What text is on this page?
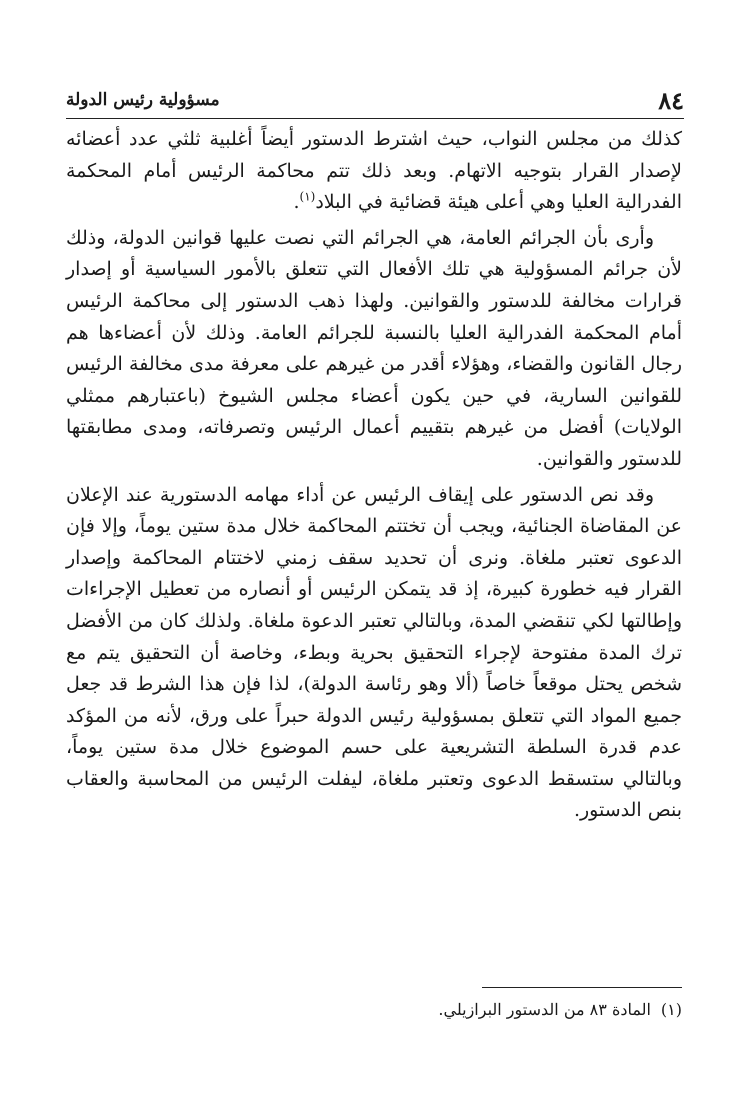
٨٤
مسؤولية رئيس الدولة

كذلك من مجلس النواب، حيث اشترط الدستور أيضاً أغلبية ثلثي عدد أعضائه لإصدار القرار بتوجيه الاتهام. وبعد ذلك تتم محاكمة الرئيس أمام المحكمة الفدرالية العليا وهي أعلى هيئة قضائية في البلاد$^{(١)}$.

وأرى بأن الجرائم العامة، هي الجرائم التي نصت عليها قوانين الدولة، وذلك لأن جرائم المسؤولية هي تلك الأفعال التي تتعلق بالأمور السياسية أو إصدار قرارات مخالفة للدستور والقوانين. ولهذا ذهب الدستور إلى محاكمة الرئيس أمام المحكمة الفدرالية العليا بالنسبة للجرائم العامة. وذلك لأن أعضاءها هم رجال القانون والقضاء، وهؤلاء أقدر من غيرهم على معرفة مدى مخالفة الرئيس للقوانين السارية، في حين يكون أعضاء مجلس الشيوخ (باعتبارهم ممثلي الولايات) أفضل من غيرهم بتقييم أعمال الرئيس وتصرفاته، ومدى مطابقتها للدستور والقوانين.

وقد نص الدستور على إيقاف الرئيس عن أداء مهامه الدستورية عند الإعلان عن المقاضاة الجنائية، ويجب أن تختتم المحاكمة خلال مدة ستين يوماً، وإلا فإن الدعوى تعتبر ملغاة. ونرى أن تحديد سقف زمني لاختتام المحاكمة وإصدار القرار فيه خطورة كبيرة، إذ قد يتمكن الرئيس أو أنصاره من تعطيل الإجراءات وإطالتها لكي تنقضي المدة، وبالتالي تعتبر الدعوة ملغاة. ولذلك كان من الأفضل ترك المدة مفتوحة لإجراء التحقيق بحرية وبطء، وخاصة أن التحقيق يتم مع شخص يحتل موقعاً خاصاً (ألا وهو رئاسة الدولة)، لذا فإن هذا الشرط قد جعل جميع المواد التي تتعلق بمسؤولية رئيس الدولة حبراً على ورق، لأنه من المؤكد عدم قدرة السلطة التشريعية على حسم الموضوع خلال مدة ستين يوماً، وبالتالي ستسقط الدعوى وتعتبر ملغاة، ليفلت الرئيس من المحاسبة والعقاب بنص الدستور.

(١)المادة ٨٣ من الدستور البرازيلي.
